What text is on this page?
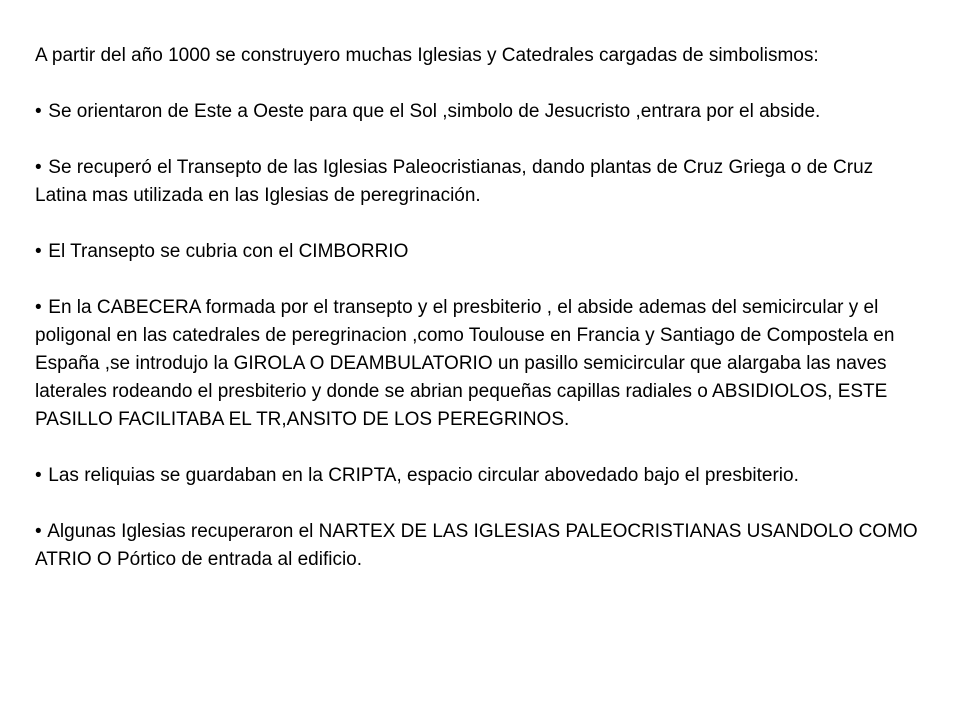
A partir del año 1000 se construyero muchas Iglesias y Catedrales cargadas de simbolismos:

• Se orientaron de Este a Oeste para que el Sol ,simbolo de Jesucristo ,entrara por el abside.

• Se recuperó el Transepto de las Iglesias Paleocristianas, dando plantas de Cruz Griega o de Cruz Latina mas utilizada en las Iglesias de peregrinación.

• El Transepto se cubria con el CIMBORRIO

• En la CABECERA formada por el transepto y el presbiterio , el abside ademas del semicircular y el poligonal en las catedrales de peregrinacion ,como Toulouse en Francia y Santiago de Compostela en España ,se introdujo la GIROLA O DEAMBULATORIO un pasillo semicircular que alargaba las naves laterales rodeando el presbiterio y donde se abrian pequeñas capillas radiales o ABSIDIOLOS, ESTE PASILLO FACILITABA EL TR,ANSITO DE LOS PEREGRINOS.

• Las reliquias se guardaban en la CRIPTA, espacio circular abovedado bajo el presbiterio.

• Algunas Iglesias recuperaron el NARTEX DE LAS IGLESIAS PALEOCRISTIANAS USANDOLO COMO ATRIO O Pórtico de entrada al edificio.
